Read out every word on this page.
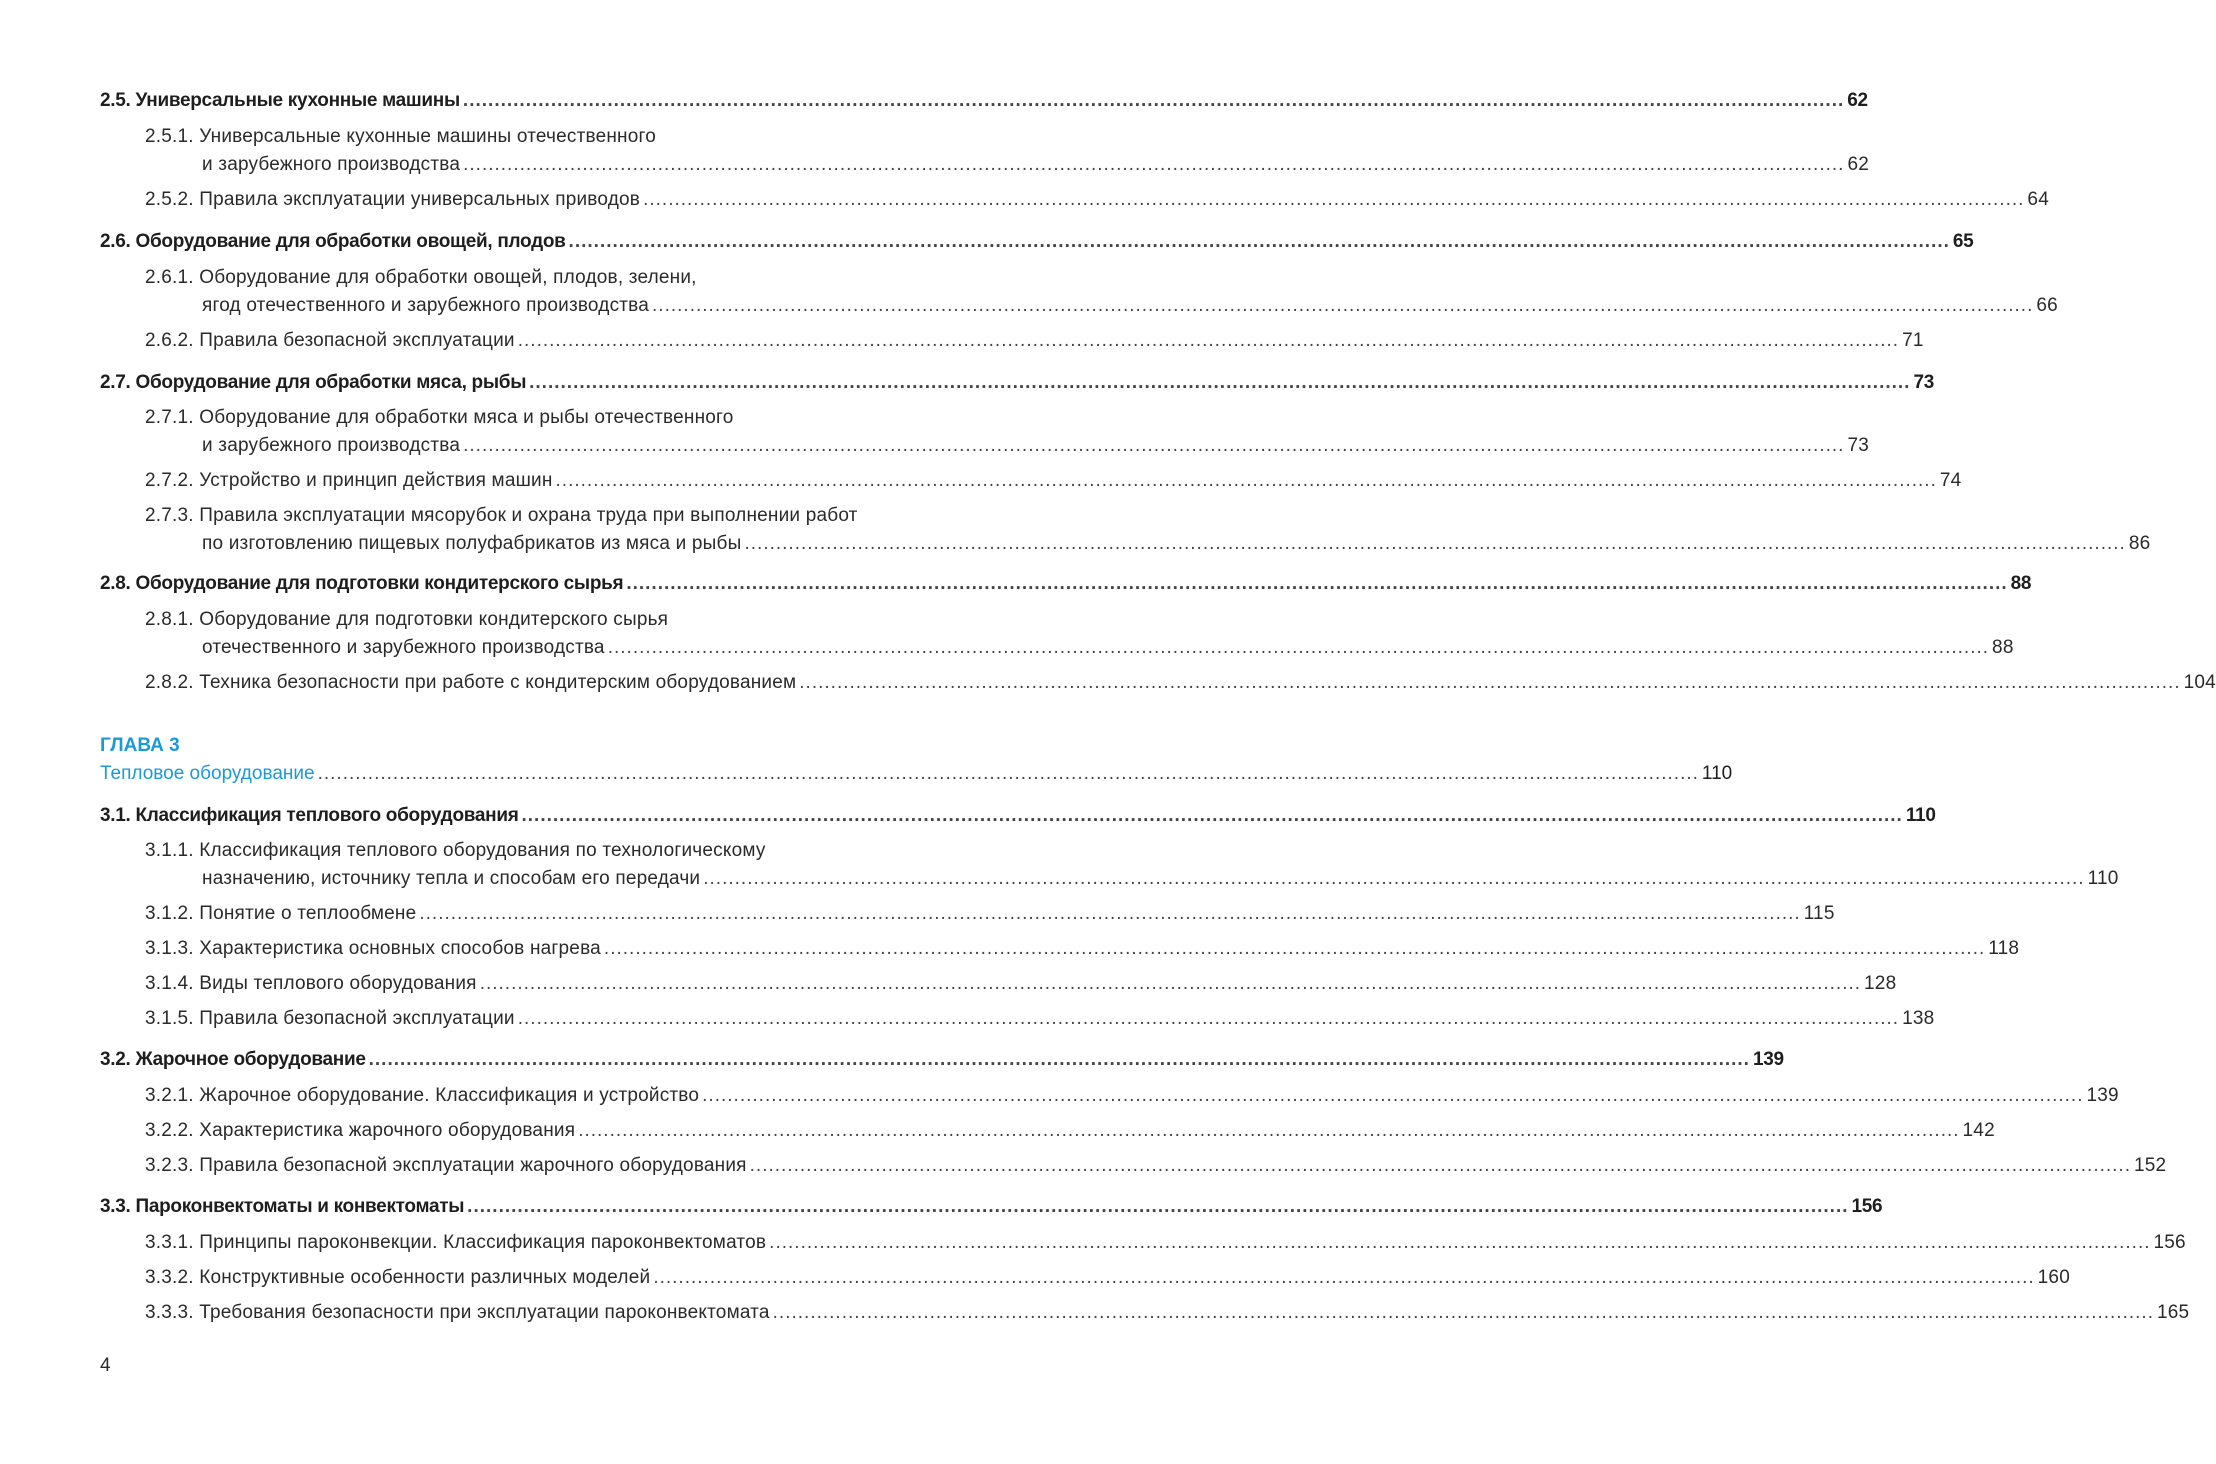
2.5. Универсальные кухонные машины ............................................................................................................................................................................................................................ 62
2.5.1. Универсальные кухонные машины отечественного
и зарубежного производства ............................................................................................................................................................................................................................ 62
2.5.2. Правила эксплуатации универсальных приводов ............................................................................................................................................................................................................................ 64
2.6. Оборудование для обработки овощей, плодов ............................................................................................................................................................................................................................ 65
2.6.1. Оборудование для обработки овощей, плодов, зелени,
ягод отечественного и зарубежного производства ............................................................................................................................................................................................................................ 66
2.6.2. Правила безопасной эксплуатации ............................................................................................................................................................................................................................ 71
2.7. Оборудование для обработки мяса, рыбы ............................................................................................................................................................................................................................ 73
2.7.1. Оборудование для обработки мяса и рыбы отечественного
и зарубежного производства ............................................................................................................................................................................................................................ 73
2.7.2. Устройство и принцип действия машин ............................................................................................................................................................................................................................ 74
2.7.3. Правила эксплуатации мясорубок и охрана труда при выполнении работ
по изготовлению пищевых полуфабрикатов из мяса и рыбы ............................................................................................................................................................................................................................ 86
2.8. Оборудование для подготовки кондитерского сырья ............................................................................................................................................................................................................................ 88
2.8.1. Оборудование для подготовки кондитерского сырья
отечественного и зарубежного производства ............................................................................................................................................................................................................................ 88
2.8.2. Техника безопасности при работе с кондитерским оборудованием ............................................................................................................................................................................................................................ 104
ГЛАВА 3
Тепловое оборудование ............................................................................................................................................................................................................................ 110
3.1. Классификация теплового оборудования ............................................................................................................................................................................................................................ 110
3.1.1. Классификация теплового оборудования по технологическому
назначению, источнику тепла и способам его передачи ............................................................................................................................................................................................................................ 110
3.1.2. Понятие о теплообмене ............................................................................................................................................................................................................................ 115
3.1.3. Характеристика основных способов нагрева ............................................................................................................................................................................................................................ 118
3.1.4. Виды теплового оборудования ............................................................................................................................................................................................................................ 128
3.1.5. Правила безопасной эксплуатации ............................................................................................................................................................................................................................ 138
3.2. Жарочное оборудование ............................................................................................................................................................................................................................ 139
3.2.1. Жарочное оборудование. Классификация и устройство ............................................................................................................................................................................................................................ 139
3.2.2. Характеристика жарочного оборудования ............................................................................................................................................................................................................................ 142
3.2.3. Правила безопасной эксплуатации жарочного оборудования ............................................................................................................................................................................................................................ 152
3.3. Пароконвектоматы и конвектоматы ............................................................................................................................................................................................................................ 156
3.3.1. Принципы пароконвекции. Классификация пароконвектоматов ............................................................................................................................................................................................................................ 156
3.3.2. Конструктивные особенности различных моделей ............................................................................................................................................................................................................................ 160
3.3.3. Требования безопасности при эксплуатации пароконвектомата ............................................................................................................................................................................................................................ 165
4
